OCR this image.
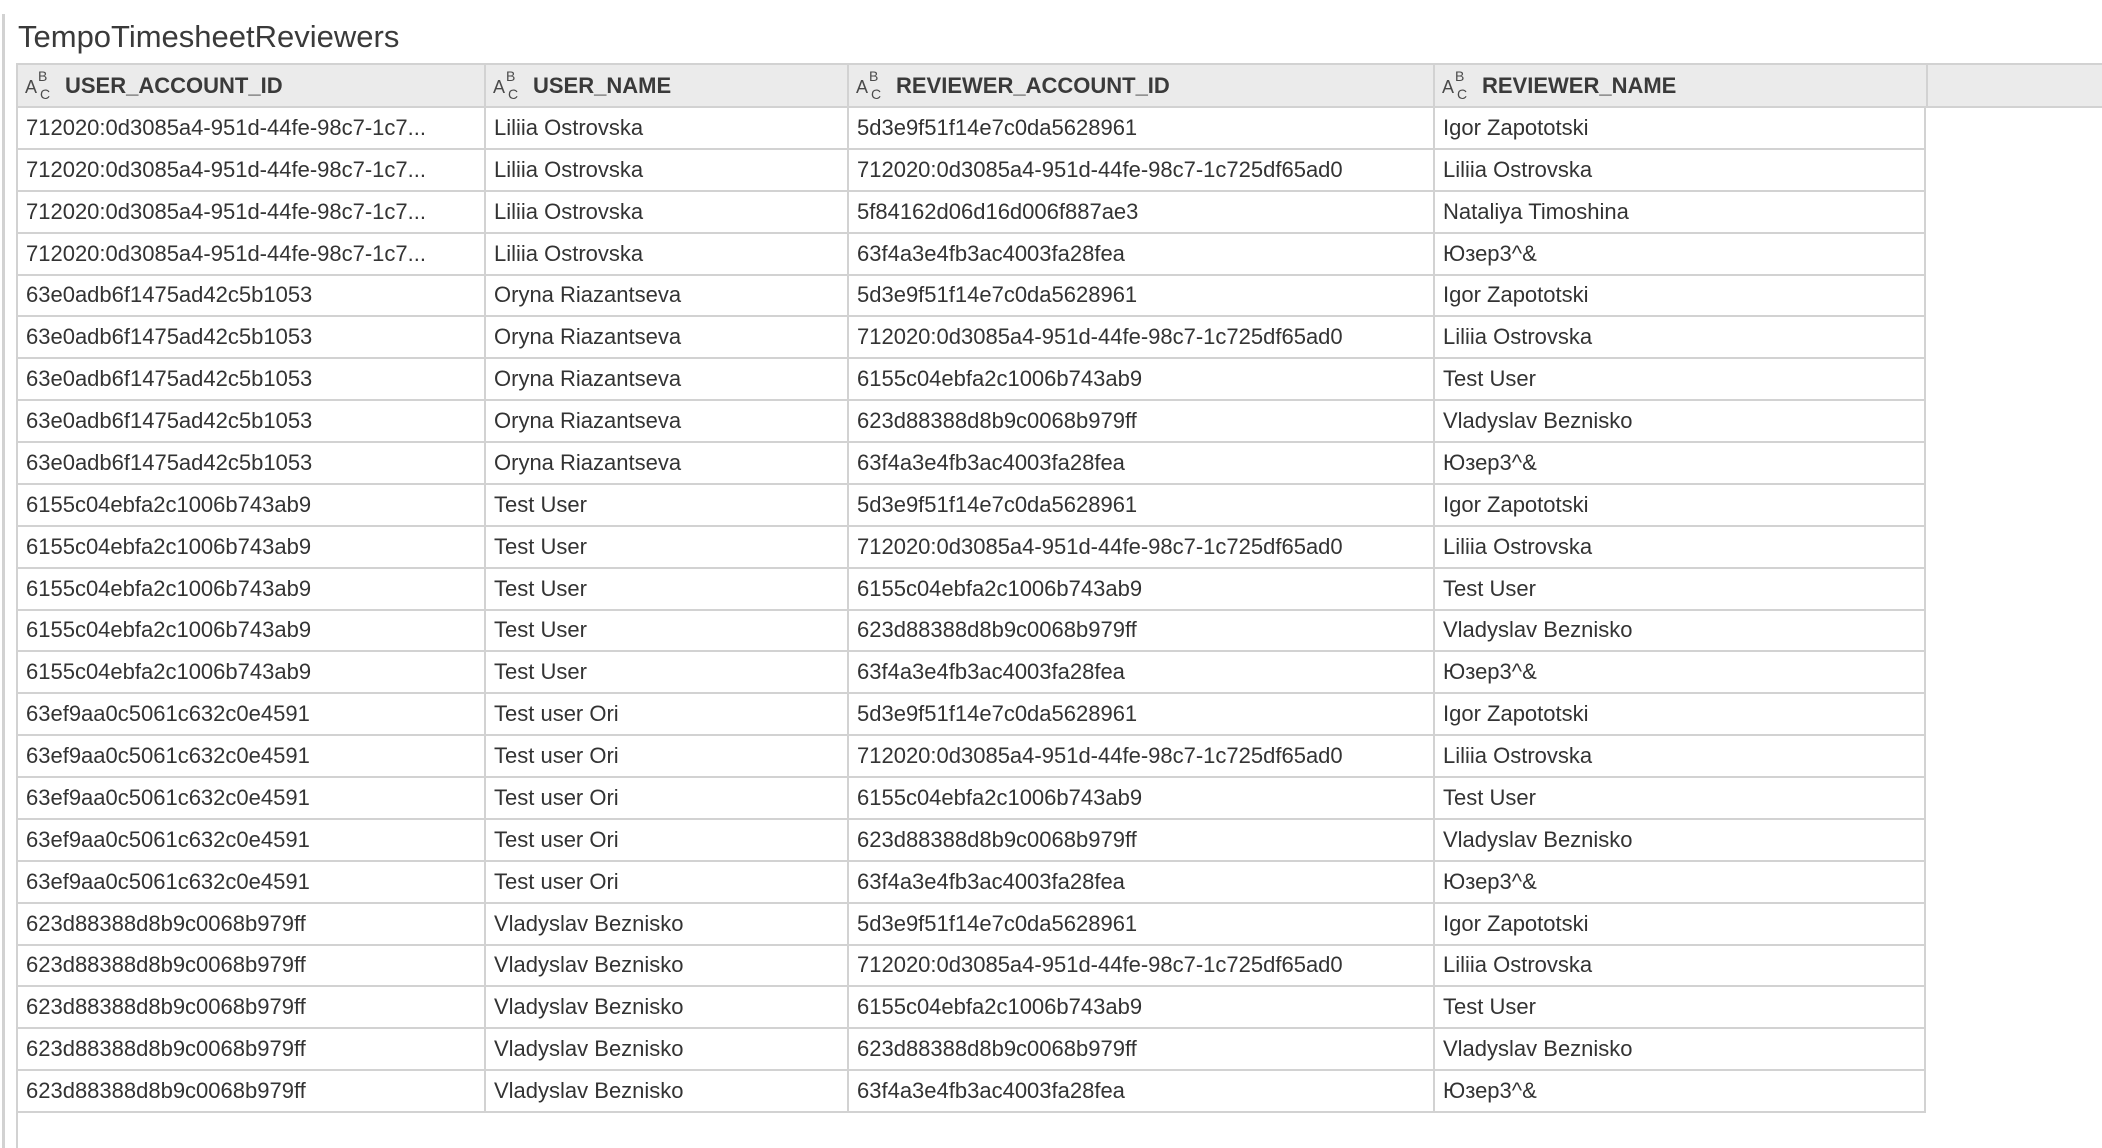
TempoTimesheetReviewers
A
B
C USER_ACCOUNT_ID	A
B
C USER_NAME	A
B
C REVIEWER_ACCOUNT_ID	A
B
C REVIEWER_NAME
712020:0d3085a4-951d-44fe-98c7-1c7...	Liliia Ostrovska	5d3e9f51f14e7c0da5628961	Igor Zapototski
712020:0d3085a4-951d-44fe-98c7-1c7...	Liliia Ostrovska	712020:0d3085a4-951d-44fe-98c7-1c725df65ad0	Liliia Ostrovska
712020:0d3085a4-951d-44fe-98c7-1c7...	Liliia Ostrovska	5f84162d06d16d006f887ae3	Nataliya Timoshina
712020:0d3085a4-951d-44fe-98c7-1c7...	Liliia Ostrovska	63f4a3e4fb3ac4003fa28fea	Юзер3^&
63e0adb6f1475ad42c5b1053	Oryna Riazantseva	5d3e9f51f14e7c0da5628961	Igor Zapototski
63e0adb6f1475ad42c5b1053	Oryna Riazantseva	712020:0d3085a4-951d-44fe-98c7-1c725df65ad0	Liliia Ostrovska
63e0adb6f1475ad42c5b1053	Oryna Riazantseva	6155c04ebfa2c1006b743ab9	Test User
63e0adb6f1475ad42c5b1053	Oryna Riazantseva	623d88388d8b9c0068b979ff	Vladyslav Beznisko
63e0adb6f1475ad42c5b1053	Oryna Riazantseva	63f4a3e4fb3ac4003fa28fea	Юзер3^&
6155c04ebfa2c1006b743ab9	Test User	5d3e9f51f14e7c0da5628961	Igor Zapototski
6155c04ebfa2c1006b743ab9	Test User	712020:0d3085a4-951d-44fe-98c7-1c725df65ad0	Liliia Ostrovska
6155c04ebfa2c1006b743ab9	Test User	6155c04ebfa2c1006b743ab9	Test User
6155c04ebfa2c1006b743ab9	Test User	623d88388d8b9c0068b979ff	Vladyslav Beznisko
6155c04ebfa2c1006b743ab9	Test User	63f4a3e4fb3ac4003fa28fea	Юзер3^&
63ef9aa0c5061c632c0e4591	Test user Ori	5d3e9f51f14e7c0da5628961	Igor Zapototski
63ef9aa0c5061c632c0e4591	Test user Ori	712020:0d3085a4-951d-44fe-98c7-1c725df65ad0	Liliia Ostrovska
63ef9aa0c5061c632c0e4591	Test user Ori	6155c04ebfa2c1006b743ab9	Test User
63ef9aa0c5061c632c0e4591	Test user Ori	623d88388d8b9c0068b979ff	Vladyslav Beznisko
63ef9aa0c5061c632c0e4591	Test user Ori	63f4a3e4fb3ac4003fa28fea	Юзер3^&
623d88388d8b9c0068b979ff	Vladyslav Beznisko	5d3e9f51f14e7c0da5628961	Igor Zapototski
623d88388d8b9c0068b979ff	Vladyslav Beznisko	712020:0d3085a4-951d-44fe-98c7-1c725df65ad0	Liliia Ostrovska
623d88388d8b9c0068b979ff	Vladyslav Beznisko	6155c04ebfa2c1006b743ab9	Test User
623d88388d8b9c0068b979ff	Vladyslav Beznisko	623d88388d8b9c0068b979ff	Vladyslav Beznisko
623d88388d8b9c0068b979ff	Vladyslav Beznisko	63f4a3e4fb3ac4003fa28fea	Юзер3^&
